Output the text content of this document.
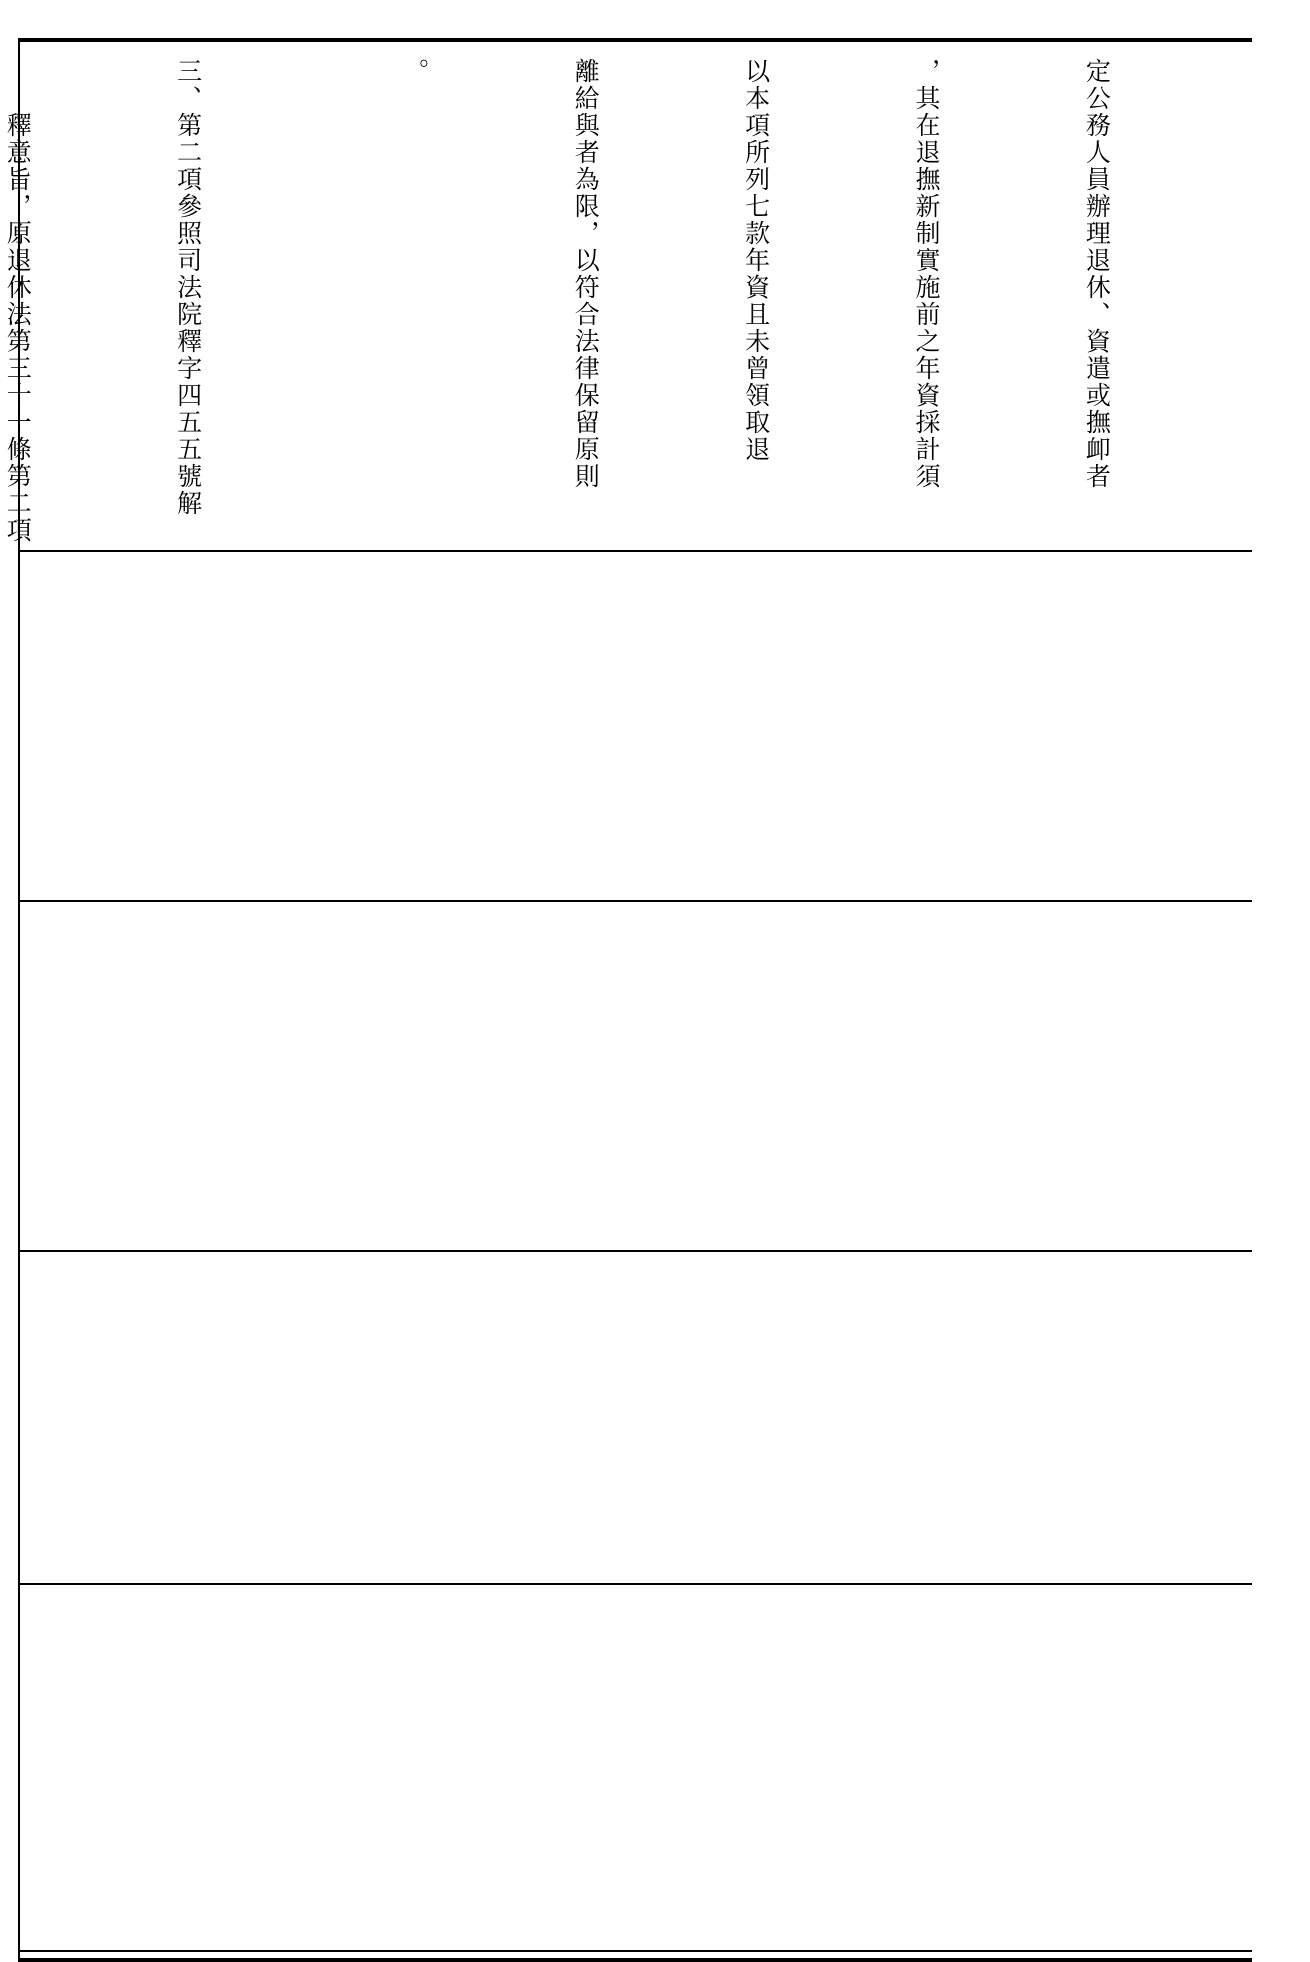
定公務人員辦理退休、資遣或撫卹者

，其在退撫新制實施前之年資採計須

以本項所列七款年資且未曾領取退

離給與者為限，以符合法律保留原則

。

三、第二項參照司法院釋字四五五號解

　　釋意旨，原退休法第三十一條第二項
